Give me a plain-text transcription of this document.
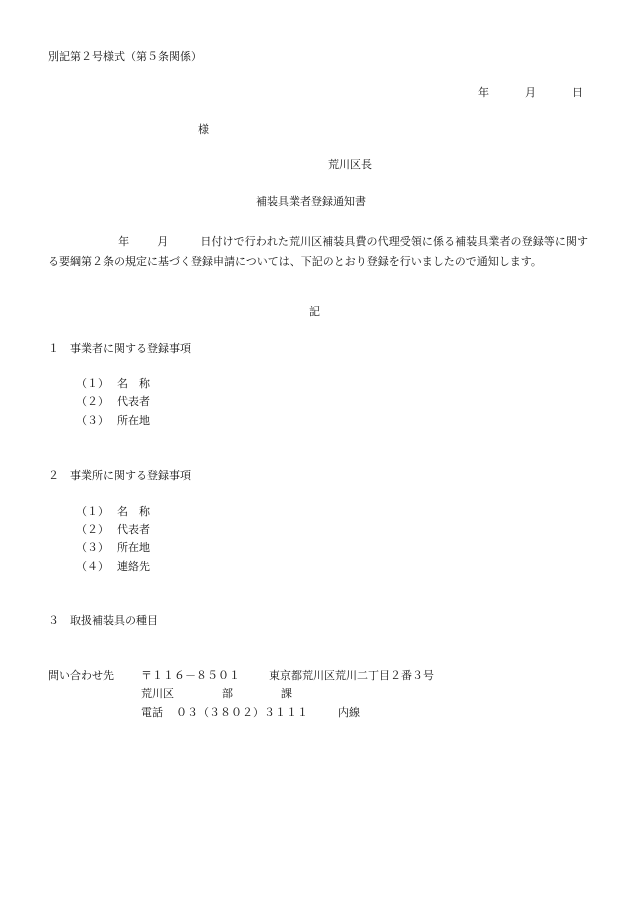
別記第２号様式（第５条関係）
年	月	日
様
荒川区長
補装具業者登録通知書
年	月	日付けで行われた荒川区補装具費の代理受領に係る補装具業者の登録等に関する要綱第２条の規定に基づく登録申請については、下記のとおり登録を行いましたので通知します。
記
１ 事業者に関する登録事項
（１） 名　称
（２） 代表者
（３） 所在地
２ 事業所に関する登録事項
（１） 名　称
（２） 代表者
（３） 所在地
（４） 連絡先
３ 取扱補装具の種目
問い合わせ先 〒１１６－８５０１	東京都荒川区荒川二丁目２番３号
荒川区	部	課
電話 ０３（３８０２）３１１１	内線
